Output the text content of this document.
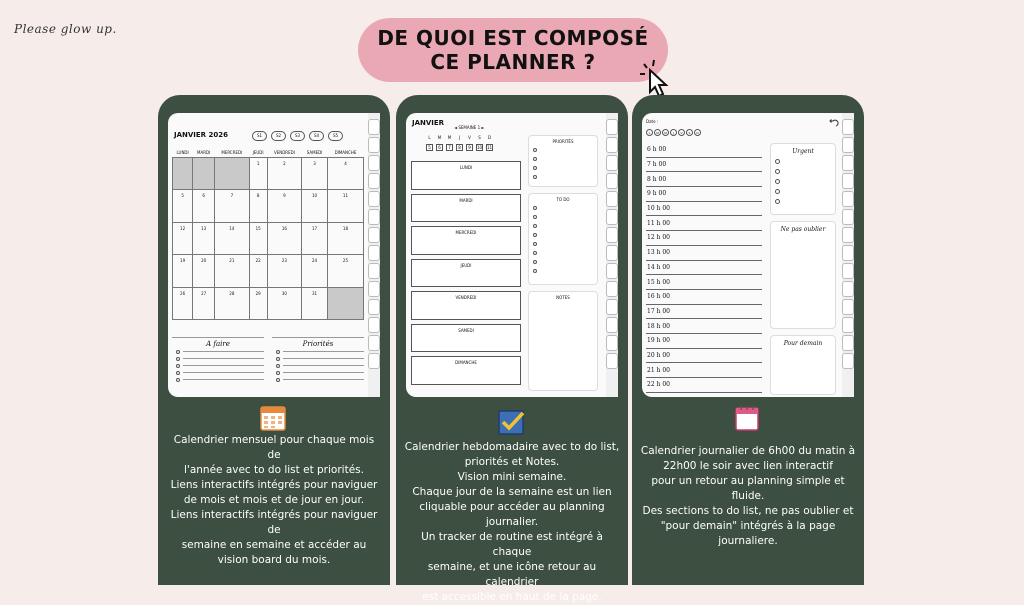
Please glow up.	DE QUOI EST COMPOSÉ
CE PLANNER ?
JANVIER 2026	S1	S2	S3	S4	S5
LUNDI	MARDI	MERCREDI	JEUDI	VENDREDI	SAMEDI	DIMANCHE
			1	2	3	4
5	6	7	8	9	10	11
12	13	14	15	16	17	18
19	20	21	22	23	24	25
26	27	28	29	30	31	
A faire	Priorités
Calendrier mensuel pour chaque mois de
l'année avec to do list et priorités.
Liens interactifs intégrés pour naviguer
de mois et mois et de jour en jour.
Liens interactifs intégrés pour naviguer de
semaine en semaine et accéder au
vision board du mois.
JANVIER
◄ SEMAINE 1 ►
L	M	M	J	V	S	D
5	6	7	8	9	10 11
LUNDI
MARDI
MERCREDI
JEUDI
VENDREDI
SAMEDI
DIMANCHE
PRIORITÉS
TO DO
NOTES
Calendrier hebdomadaire avec to do list,
priorités et Notes.
Vision mini semaine.
Chaque jour de la semaine est un lien
cliquable pour accéder au planning journalier.
Un tracker de routine est intégré à chaque
semaine, et une icône retour au calendrier
est accessible en haut de la page.
Date :
L	M	M	J	V	S	D
6 h 00
7 h 00
8 h 00
9 h 00
10 h 00
11 h 00
12 h 00
13 h 00
14 h 00
15 h 00
16 h 00
17 h 00
18 h 00
19 h 00
20 h 00
21 h 00
22 h 00
Urgent
Ne pas oublier
Pour demain
Calendrier journalier de 6h00 du matin à
22h00 le soir avec lien interactif
pour un retour au planning simple et fluide.
Des sections to do list, ne pas oublier et
"pour demain" intégrés à la page
journaliere.
